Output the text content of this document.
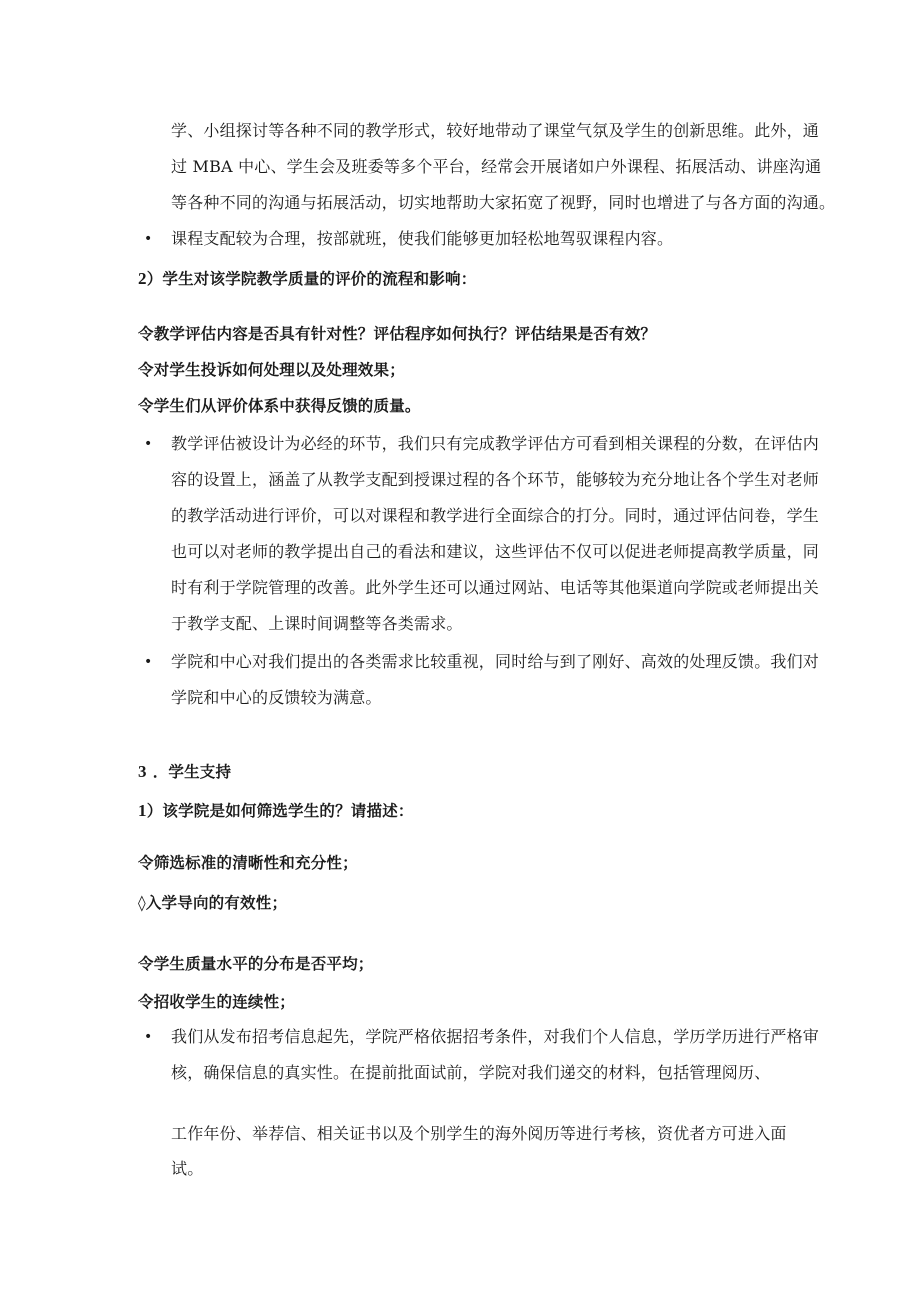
学、小组探讨等各种不同的教学形式，较好地带动了课堂气氛及学生的创新思维。此外，通
过 MBA 中心、学生会及班委等多个平台，经常会开展诸如户外课程、拓展活动、讲座沟通
等各种不同的沟通与拓展活动，切实地帮助大家拓宽了视野，同时也增进了与各方面的沟通。
• 课程支配较为合理，按部就班，使我们能够更加轻松地驾驭课程内容。
2）学生对该学院教学质量的评价的流程和影响：
令教学评估内容是否具有针对性？评估程序如何执行？评估结果是否有效？
令对学生投诉如何处理以及处理效果；
令学生们从评价体系中获得反馈的质量。
• 教学评估被设计为必经的环节，我们只有完成教学评估方可看到相关课程的分数，在评估内
容的设置上，涵盖了从教学支配到授课过程的各个环节，能够较为充分地让各个学生对老师
的教学活动进行评价，可以对课程和教学进行全面综合的打分。同时，通过评估问卷，学生
也可以对老师的教学提出自己的看法和建议，这些评估不仅可以促进老师提高教学质量，同
时有利于学院管理的改善。此外学生还可以通过网站、电话等其他渠道向学院或老师提出关
于教学支配、上课时间调整等各类需求。
• 学院和中心对我们提出的各类需求比较重视，同时给与到了刚好、高效的处理反馈。我们对
学院和中心的反馈较为满意。
3 ．学生支持
1）该学院是如何筛选学生的？请描述：
令筛选标准的清晰性和充分性；
◊入学导向的有效性；
令学生质量水平的分布是否平均；
令招收学生的连续性；
• 我们从发布招考信息起先，学院严格依据招考条件，对我们个人信息，学历学历进行严格审
核，确保信息的真实性。在提前批面试前，学院对我们递交的材料，包括管理阅历、
工作年份、举荐信、相关证书以及个别学生的海外阅历等进行考核，资优者方可进入面
试。
